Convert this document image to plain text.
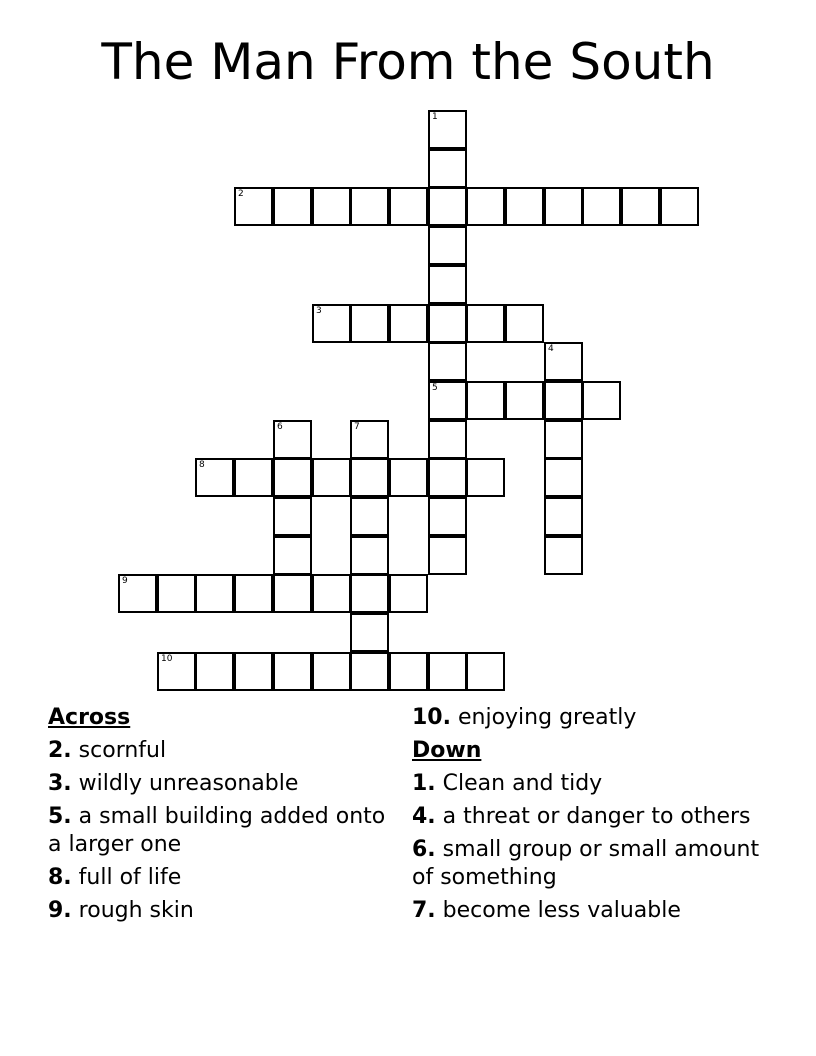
The Man From the South
1
5
2
3
4
6	7
8
9
10
Across
2. scornful
3. wildly unreasonable
5. a small building added onto a larger one
8. full of life
9. rough skin
10. enjoying greatly
Down
1. Clean and tidy
4. a threat or danger to others
6. small group or small amount of something
7. become less valuable
